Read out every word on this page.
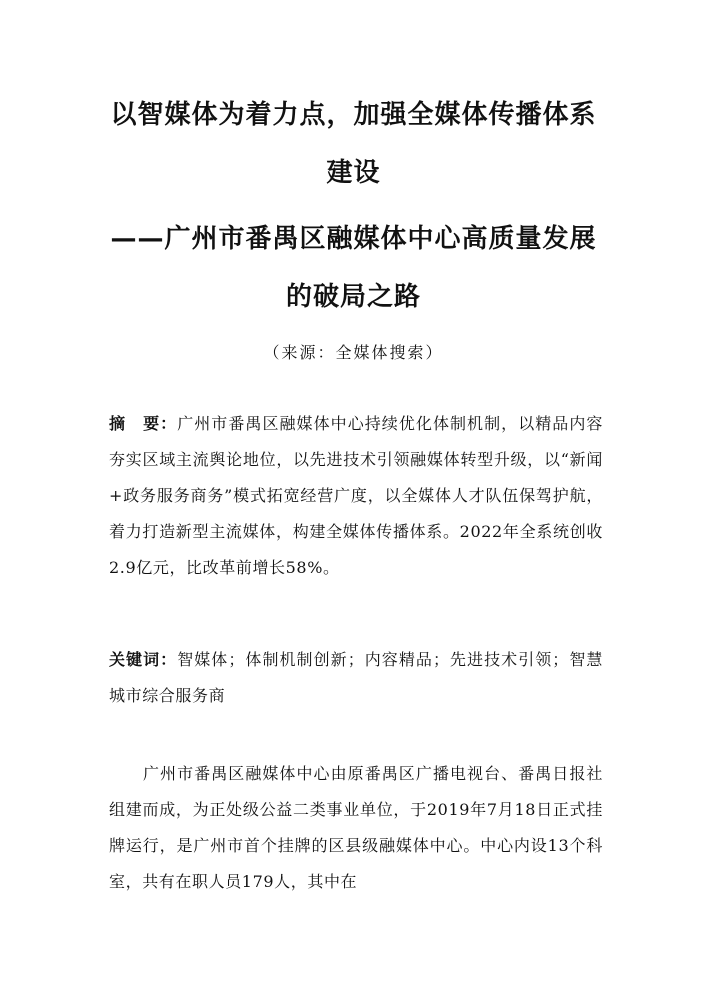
以智媒体为着力点，加强全媒体传播体系
建设
——广州市番禺区融媒体中心高质量发展
的破局之路
（来源：全媒体搜索）
摘　要：广州市番禺区融媒体中心持续优化体制机制，以精品内容夯实区域主流舆论地位，以先进技术引领融媒体转型升级，以“新闻+政务服务商务”模式拓宽经营广度，以全媒体人才队伍保驾护航，着力打造新型主流媒体，构建全媒体传播体系。2022年全系统创收2.9亿元，比改革前增长58%。
关键词：智媒体；体制机制创新；内容精品；先进技术引领；智慧城市综合服务商
广州市番禺区融媒体中心由原番禺区广播电视台、番禺日报社组建而成，为正处级公益二类事业单位，于2019年7月18日正式挂牌运行，是广州市首个挂牌的区县级融媒体中心。中心内设13个科室，共有在职人员179人，其中在
